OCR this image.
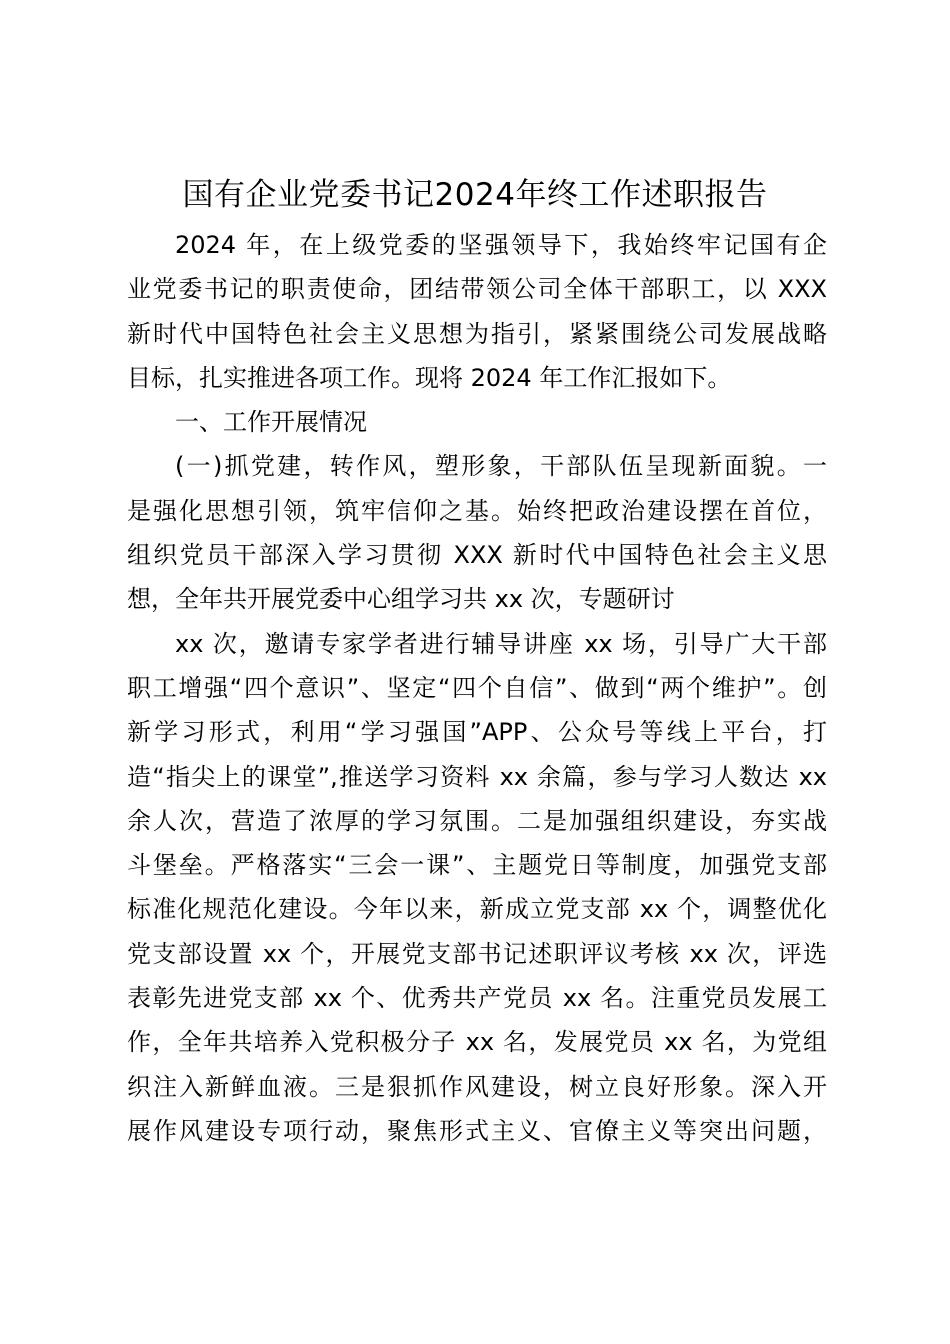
国有企业党委书记2024年终工作述职报告
2024 年，在上级党委的坚强领导下，我始终牢记国有企
业党委书记的职责使命，团结带领公司全体干部职工，以 XXX
新时代中国特色社会主义思想为指引，紧紧围绕公司发展战略
目标，扎实推进各项工作。现将 2024 年工作汇报如下。
一、工作开展情况
(一)抓党建，转作风，塑形象，干部队伍呈现新面貌。一
是强化思想引领，筑牢信仰之基。始终把政治建设摆在首位，
组织党员干部深入学习贯彻 XXX 新时代中国特色社会主义思
想，全年共开展党委中心组学习共 xx 次，专题研讨
xx 次，邀请专家学者进行辅导讲座 xx 场，引导广大干部
职工增强“四个意识”、坚定“四个自信”、做到“两个维护”。创
新学习形式，利用“学习强国”APP、公众号等线上平台，打
造“指尖上的课堂”,推送学习资料 xx 余篇，参与学习人数达 xx
余人次，营造了浓厚的学习氛围。二是加强组织建设，夯实战
斗堡垒。严格落实“三会一课”、主题党日等制度，加强党支部
标准化规范化建设。今年以来，新成立党支部 xx 个，调整优化
党支部设置 xx 个，开展党支部书记述职评议考核 xx 次，评选
表彰先进党支部 xx 个、优秀共产党员 xx 名。注重党员发展工
作，全年共培养入党积极分子 xx 名，发展党员 xx 名，为党组
织注入新鲜血液。三是狠抓作风建设，树立良好形象。深入开
展作风建设专项行动，聚焦形式主义、官僚主义等突出问题，
